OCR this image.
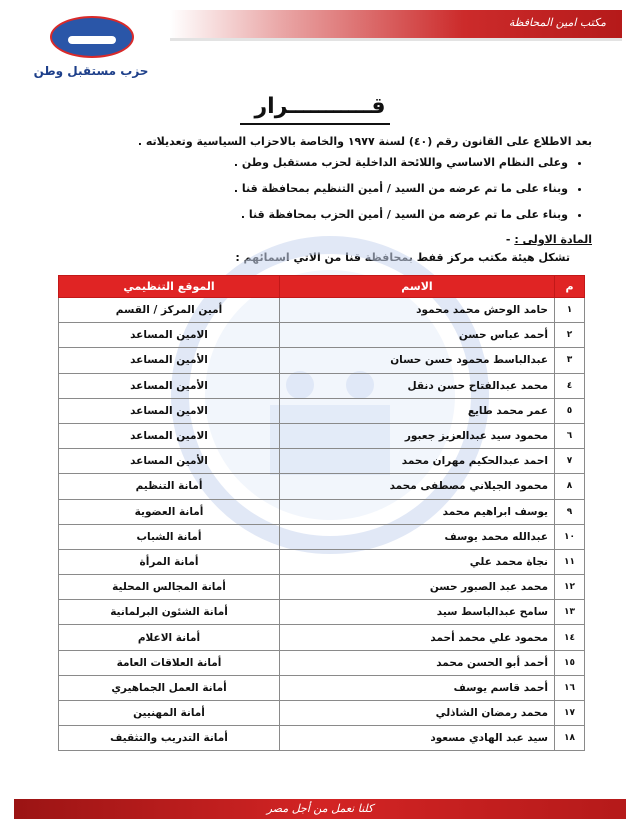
مكتب امين المحافظة
حزب مستقبل وطن
قـــــــــــرار
بعد الاطلاع على القانون رقم (٤٠) لسنة ١٩٧٧ والخاصة بالاحزاب السياسية وتعديلاته .
• وعلى النظام الاساسي واللائحة الداخلية لحزب مستقبل وطن .
• وبناء على ما تم عرضه من السيد / أمين التنظيم بمحافظة قنا .
• وبناء على ما تم عرضه من السيد / أمين الحزب بمحافظة قنا .
المادة الاولى : -
تشكل هيئة مكتب مركز قفط بمحافظة قنا من الاتي اسمائهم :
م	الاسم	الموقع التنظيمي
١	حامد الوحش محمد محمود	أمين المركز / القسم
٢	أحمد عباس حسن	الامين المساعد
٣	عبدالباسط محمود حسن حسان	الأمين المساعد
٤	محمد عبدالفتاح حسن دنقل	الأمين المساعد
٥	عمر محمد طايع	الامين المساعد
٦	محمود سيد عبدالعزيز جعبور	الامين المساعد
٧	احمد عبدالحكيم مهران محمد	الأمين المساعد
٨	محمود الجيلاني مصطفى محمد	أمانة التنظيم
٩	يوسف ابراهيم محمد	أمانة العضوية
١٠	عبدالله محمد يوسف	أمانة الشباب
١١	نجاة محمد علي	أمانة المرأة
١٢	محمد عبد الصبور حسن	أمانة المجالس المحلية
١٣	سامح عبدالباسط سيد	أمانة الشئون البرلمانية
١٤	محمود علي محمد أحمد	أمانة الاعلام
١٥	أحمد أبو الحسن محمد	أمانة العلاقات العامة
١٦	أحمد قاسم يوسف	أمانة العمل الجماهيري
١٧	محمد رمضان الشاذلي	أمانة المهنيين
١٨	سيد عبد الهادي مسعود	أمانة التدريب والتثقيف
كلنا نعمل من أجل مصر
